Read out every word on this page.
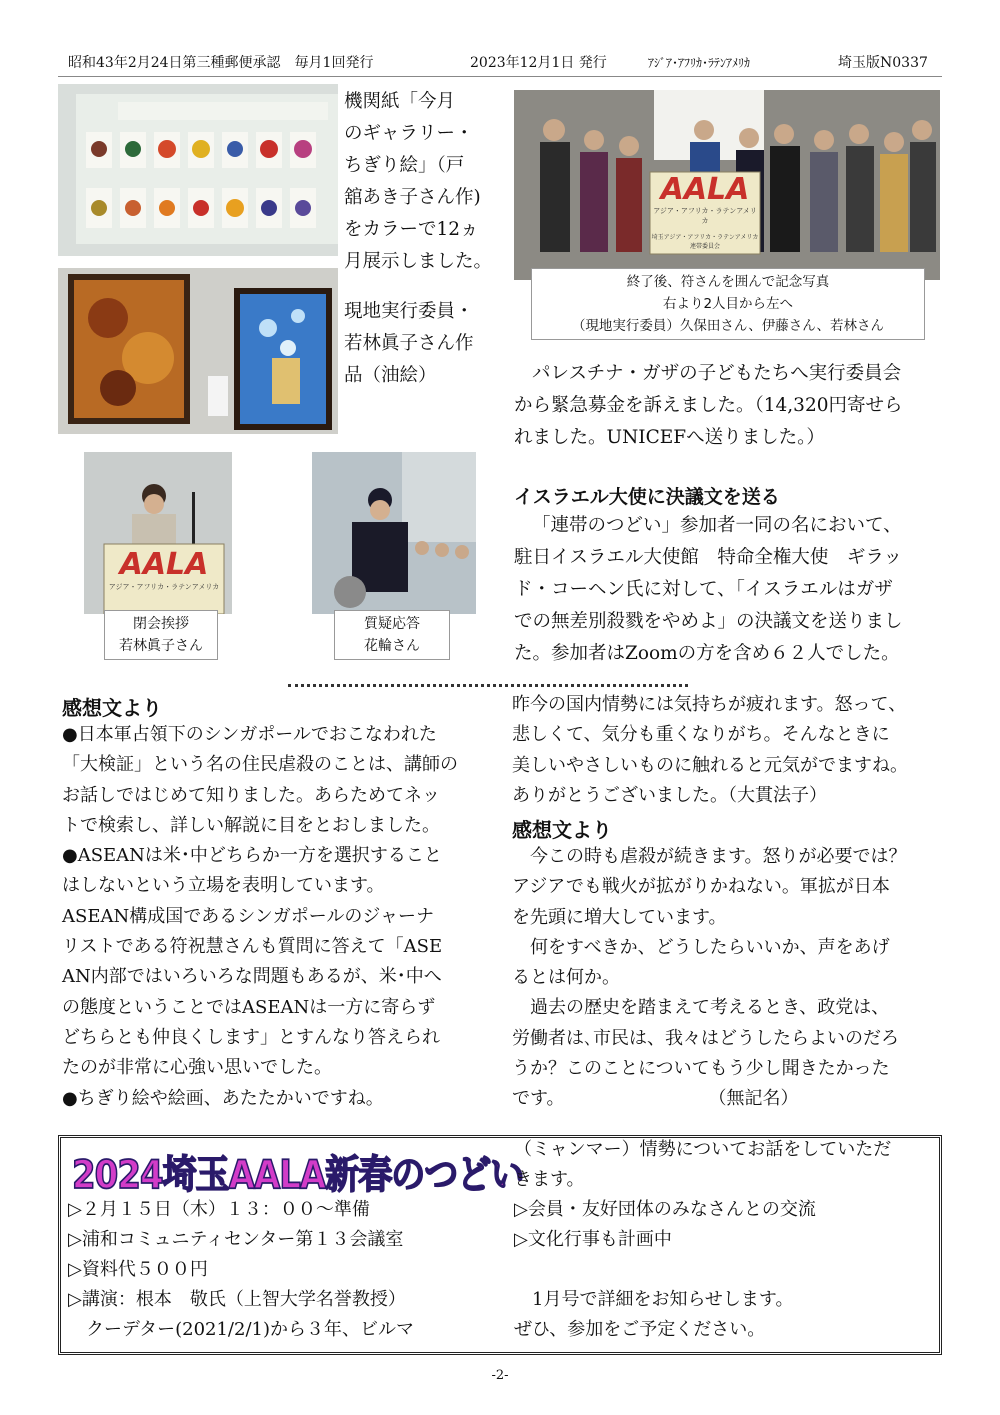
昭和43年2月24日第三種郵便承認　毎月1回発行	2023年12月1日 発行	ｱｼﾞｱ･ｱﾌﾘｶ･ﾗﾃﾝｱﾒﾘｶ	埼玉版N0337

機関紙「今月

のギャラリー・

ちぎり絵」（戸

舘あき子さん作)

をカラーで12ヵ

月展示しました。

現地実行委員・

若林眞子さん作

品（油絵）

AALA
アジア・アフリカ・ラテンアメリカ
埼玉アジア・アフリカ・ラテンアメリカ連帯委員会
終了後、符さんを囲んで記念写真
右より2人目から左へ
（現地実行委員）久保田さん、伊藤さん、若林さん

パレスチナ・ガザの子どもたちへ実行委員会

から緊急募金を訴えました。（14,320円寄せら

れました。UNICEFへ送りました。）

AALA
アジア・アフリカ・ラテンアメリカ
閉会挨拶
若林眞子さん
質疑応答
花輪さん
イスラエル大使に決議文を送る

「連帯のつどい」参加者一同の名において、

駐日イスラエル大使館　特命全権大使　ギラッ

ド・コーヘン氏に対して、「イスラエルはガザ

での無差別殺戮をやめよ」の決議文を送りまし

た。参加者はZoomの方を含め６２人でした。

感想文より

●日本軍占領下のシンガポールでおこなわれた

「大検証」という名の住民虐殺のことは、講師の

お話しではじめて知りました。あらためてネッ

トで検索し、詳しい解説に目をとおしました。

●ASEANは米･中どちらか一方を選択すること

はしないという立場を表明しています。

ASEAN構成国であるシンガポールのジャーナ

リストである符祝慧さんも質問に答えて「ASE

AN内部ではいろいろな問題もあるが、米･中へ

の態度ということではASEANは一方に寄らず

どちらとも仲良くします」とすんなり答えられ

たのが非常に心強い思いでした。

●ちぎり絵や絵画、あたたかいですね。

昨今の国内情勢には気持ちが疲れます。怒って、

悲しくて、気分も重くなりがち。そんなときに

美しいやさしいものに触れると元気がでますね。

ありがとうございました。（大貫法子）

感想文より

　今この時も虐殺が続きます。怒りが必要では？

アジアでも戦火が拡がりかねない。軍拡が日本

を先頭に増大しています。

　何をすべきか、どうしたらいいか、声をあげ

るとは何か。

　過去の歴史を踏まえて考えるとき、政党は、

労働者は､市民は、我々はどうしたらよいのだろ

うか？このことについてもう少し聞きたかった

です。　　　　　　　　　（無記名）

2024埼玉AALA新春のつどい

▷２月１５日（木）１３：００～準備

▷浦和コミュニティセンター第１３会議室

▷資料代５００円

▷講演：根本　敬氏（上智大学名誉教授）

　クーデター(2021/2/1)から３年、ビルマ

（ミャンマー）情勢についてお話をしていただ

きます。

▷会員・友好団体のみなさんとの交流

▷文化行事も計画中

　1月号で詳細をお知らせします。

ぜひ、参加をご予定ください。

-2-
